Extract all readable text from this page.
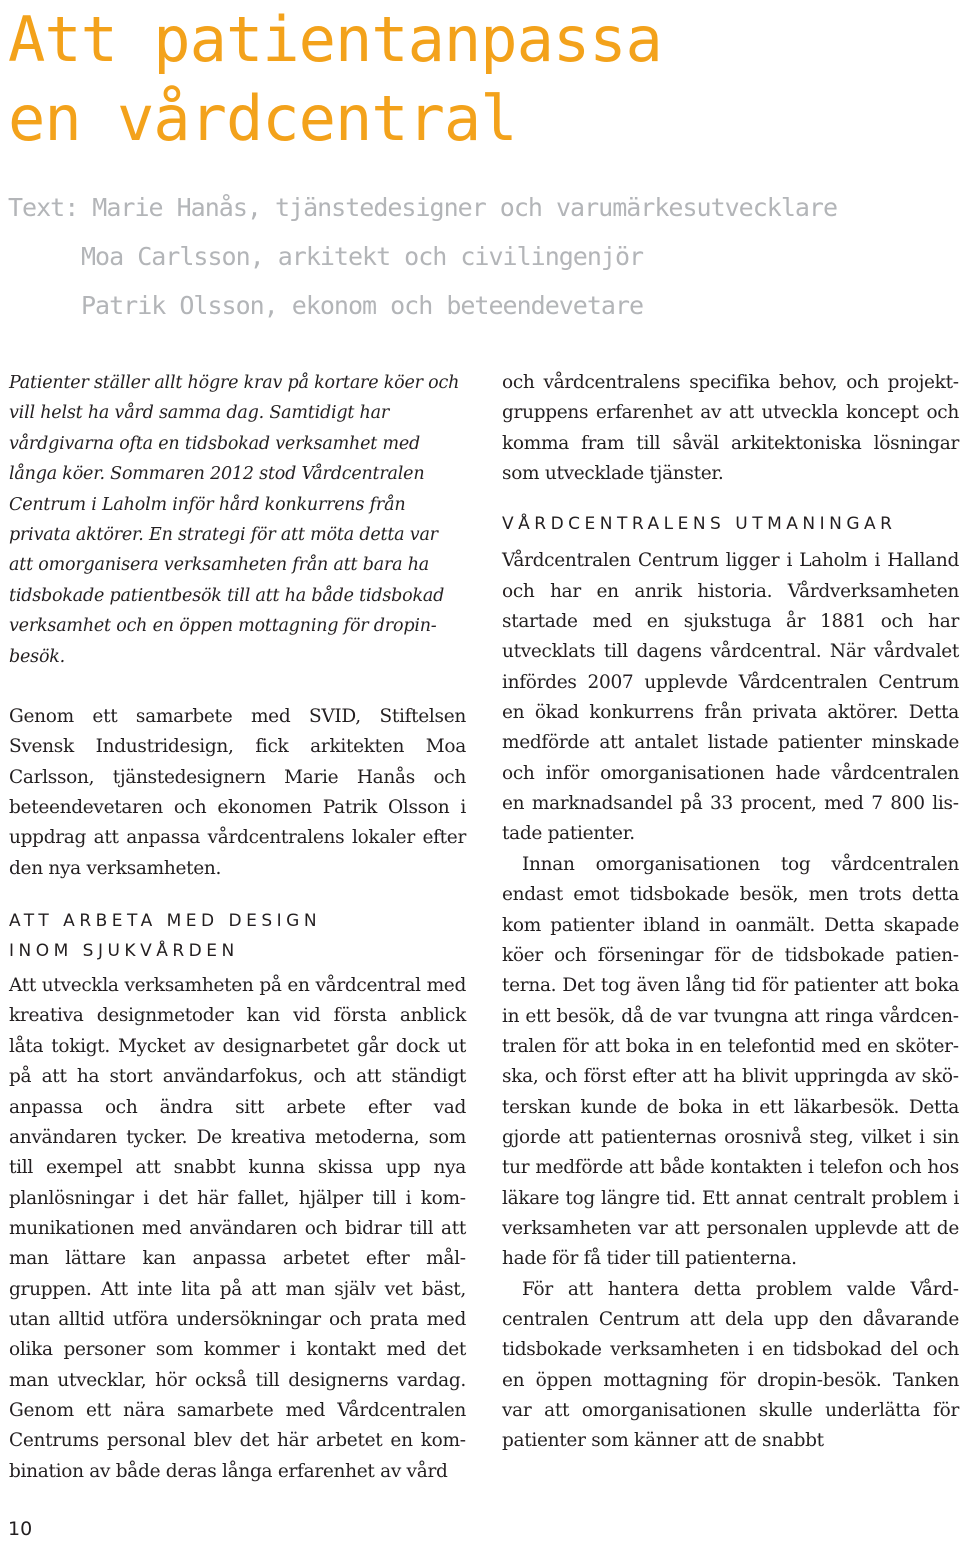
Att patientanpassa
en vårdcentral
Text: Marie Hanås, tjänstedesigner och varumärkesutvecklare
Moa Carlsson, arkitekt och civilingenjör
Patrik Olsson, ekonom och beteendevetare

Patienter ställer allt högre krav på kortare köer och vill helst ha vård samma dag. Samtidigt har vårdgivarna ofta en tidsbokad verksamhet med långa köer. Sommaren 2012 stod Vårdcentralen Centrum i Laholm inför hård konkurrens från privata aktörer. En strategi för att möta detta var att omorganisera verksamheten från att bara ha tidsbokade patientbesök till att ha både tidsbokad verksamhet och en öppen mottagning för dropin-besök.

Genom ett samarbete med SVID, Stiftelsen Svensk Industridesign, fick arkitekten Moa Carlsson, tjänstedesignern Marie Hanås och beteendevetaren och ekonomen Patrik Olsson i uppdrag att anpassa vårdcentralens lokaler efter den nya verksamheten.

ATT ARBETA MED DESIGN
INOM SJUKVÅRDEN

Att utveckla verksamheten på en vårdcentral med kreativa designmetoder kan vid första anblick låta tokigt. Mycket av designarbetet går dock ut på att ha stort användarfokus, och att ständigt anpassa och ändra sitt arbete efter vad användaren tycker. De kreativa metoderna, som till exempel att snabbt kunna skissa upp nya planlösningar i det här fallet, hjälper till i kommunikationen med användaren och bidrar till att man lättare kan anpassa arbetet efter målgruppen. Att inte lita på att man själv vet bäst, utan alltid utföra undersökningar och prata med olika personer som kommer i kontakt med det man utvecklar, hör också till designerns vardag. Genom ett nära samarbete med Vårdcentralen Centrums personal blev det här arbetet en kombination av både deras långa erfarenhet av vård

och vårdcentralens specifika behov, och projektgruppens erfarenhet av att utveckla koncept och komma fram till såväl arkitektoniska lösningar som utvecklade tjänster.

VÅRDCENTRALENS UTMANINGAR

Vårdcentralen Centrum ligger i Laholm i Halland och har en anrik historia. Vårdverksamheten startade med en sjukstuga år 1881 och har utvecklats till dagens vårdcentral. När vårdvalet infördes 2007 upplevde Vårdcentralen Centrum en ökad konkurrens från privata aktörer. Detta medförde att antalet listade patienter minskade och inför omorganisationen hade vårdcentralen en marknadsandel på 33 procent, med 7 800 listade patienter.

Innan omorganisationen tog vårdcentralen endast emot tidsbokade besök, men trots detta kom patienter ibland in oanmält. Detta skapade köer och förseningar för de tidsbokade patienterna. Det tog även lång tid för patienter att boka in ett besök, då de var tvungna att ringa vårdcentralen för att boka in en telefontid med en sköterska, och först efter att ha blivit uppringda av sköterskan kunde de boka in ett läkarbesök. Detta gjorde att patienternas orosnivå steg, vilket i sin tur medförde att både kontakten i telefon och hos läkare tog längre tid. Ett annat centralt problem i verksamheten var att personalen upplevde att de hade för få tider till patienterna.

För att hantera detta problem valde Vårdcentralen Centrum att dela upp den dåvarande tidsbokade verksamheten i en tidsbokad del och en öppen mottagning för dropin-besök. Tanken var att omorganisationen skulle underlätta för patienter som känner att de snabbt

10
